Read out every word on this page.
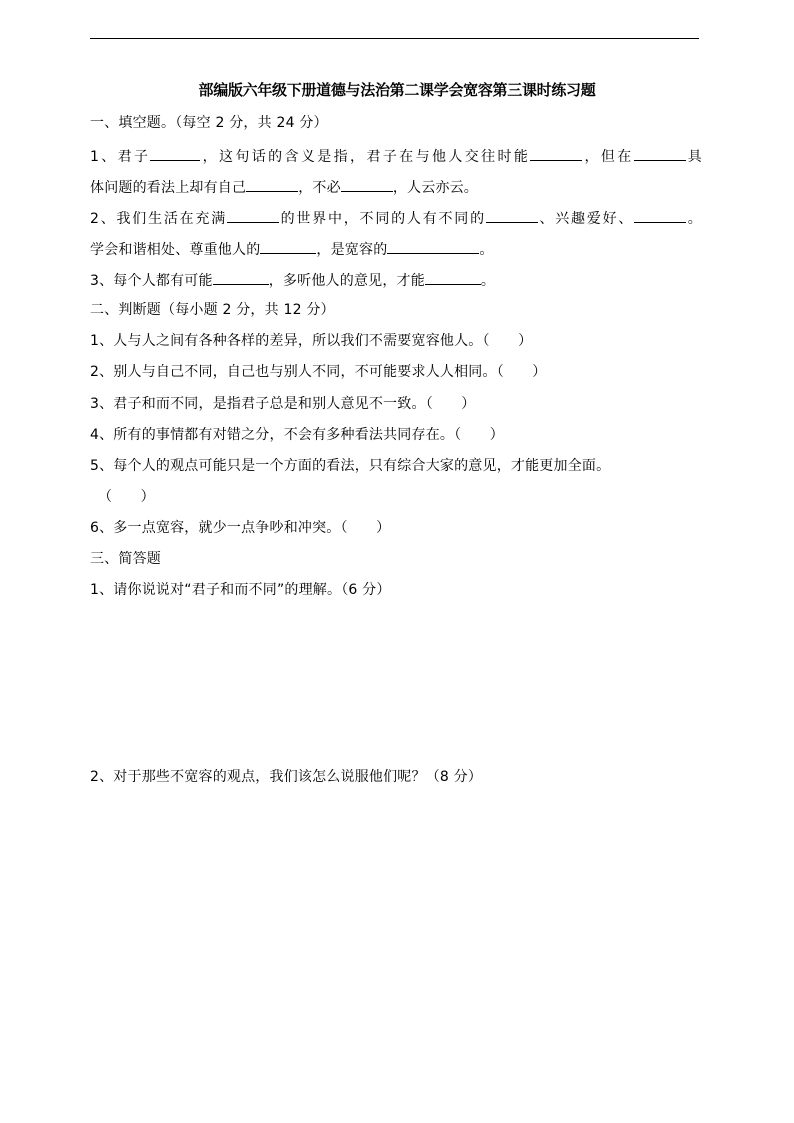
部编版六年级下册道德与法治第二课学会宽容第三课时练习题
一、填空题。（每空 2 分，共 24 分）
1、君子	，这句话的含义是指，君子在与他人交往时能	，但在	具
体问题的看法上却有自己	，不必	，人云亦云。
2、我们生活在充满	的世界中，不同的人有不同的	、兴趣爱好、	。
学会和谐相处、尊重他人的	，是宽容的	。
3、每个人都有可能	，多听他人的意见，才能	。
二、判断题（每小题 2 分，共 12 分）
1、人与人之间有各种各样的差异，所以我们不需要宽容他人。（　　）
2、别人与自己不同，自己也与别人不同，不可能要求人人相同。（　　）
3、君子和而不同，是指君子总是和别人意见不一致。（　　）
4、所有的事情都有对错之分，不会有多种看法共同存在。（　　）
5、每个人的观点可能只是一个方面的看法，只有综合大家的意见，才能更加全面。
（　　）
6、多一点宽容，就少一点争吵和冲突。（　　）
三、简答题
1、请你说说对“君子和而不同”的理解。（6 分）
2、对于那些不宽容的观点，我们该怎么说服他们呢？（8 分）
